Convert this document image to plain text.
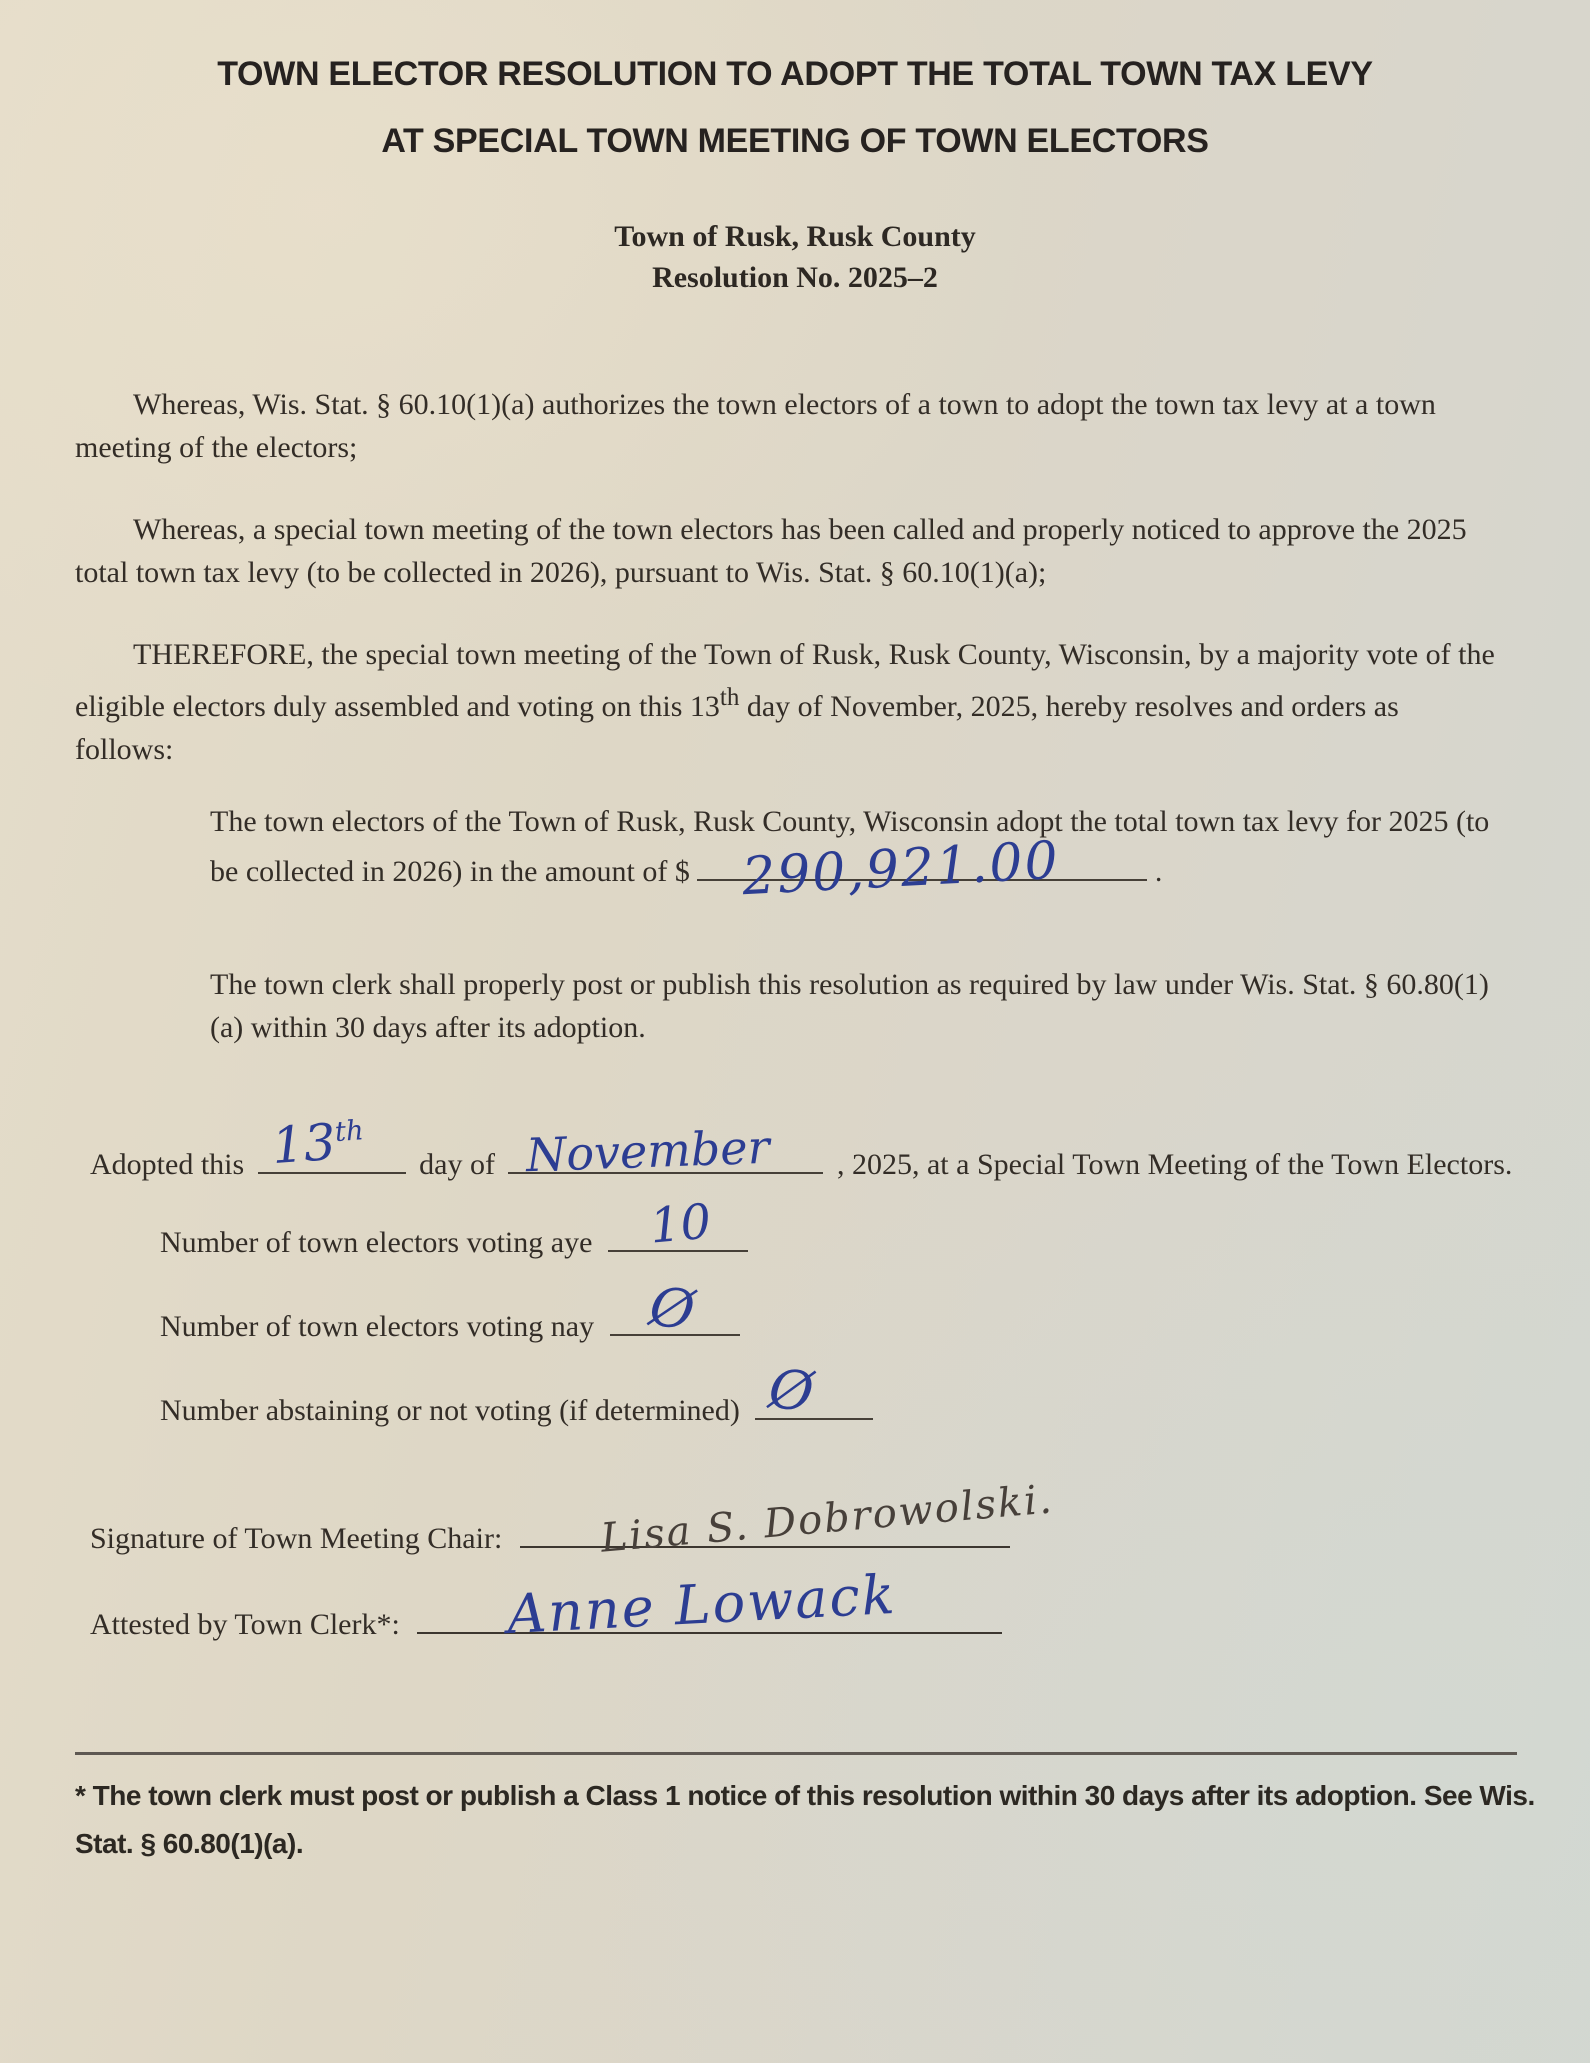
TOWN ELECTOR RESOLUTION TO ADOPT THE TOTAL TOWN TAX LEVY
AT SPECIAL TOWN MEETING OF TOWN ELECTORS
Town of Rusk, Rusk County
Resolution No. 2025–2
Whereas, Wis. Stat. § 60.10(1)(a) authorizes the town electors of a town to adopt the town tax levy at a town meeting of the electors;
Whereas, a special town meeting of the town electors has been called and properly noticed to approve the 2025 total town tax levy (to be collected in 2026), pursuant to Wis. Stat. § 60.10(1)(a);
THEREFORE, the special town meeting of the Town of Rusk, Rusk County, Wisconsin, by a majority vote of the eligible electors duly assembled and voting on this 13th day of November, 2025, hereby resolves and orders as follows:
The town electors of the Town of Rusk, Rusk County, Wisconsin adopt the total town tax levy for 2025 (to be collected in 2026) in the amount of $ 290,921.00	.
The town clerk shall properly post or publish this resolution as required by law under Wis. Stat. § 60.80(1)(a) within 30 days after its adoption.
Adopted this 13th
day of November , 2025, at a Special Town Meeting of the Town Electors.
Number of town electors voting aye 10
Number of town electors voting nay Ø
Number abstaining or not voting (if determined) Ø
Signature of Town Meeting Chair: Lisa S. Dobrowolski.
Attested by Town Clerk*: Anne Lowack
* The town clerk must post or publish a Class 1 notice of this resolution within 30 days after its adoption. See Wis. Stat. § 60.80(1)(a).
